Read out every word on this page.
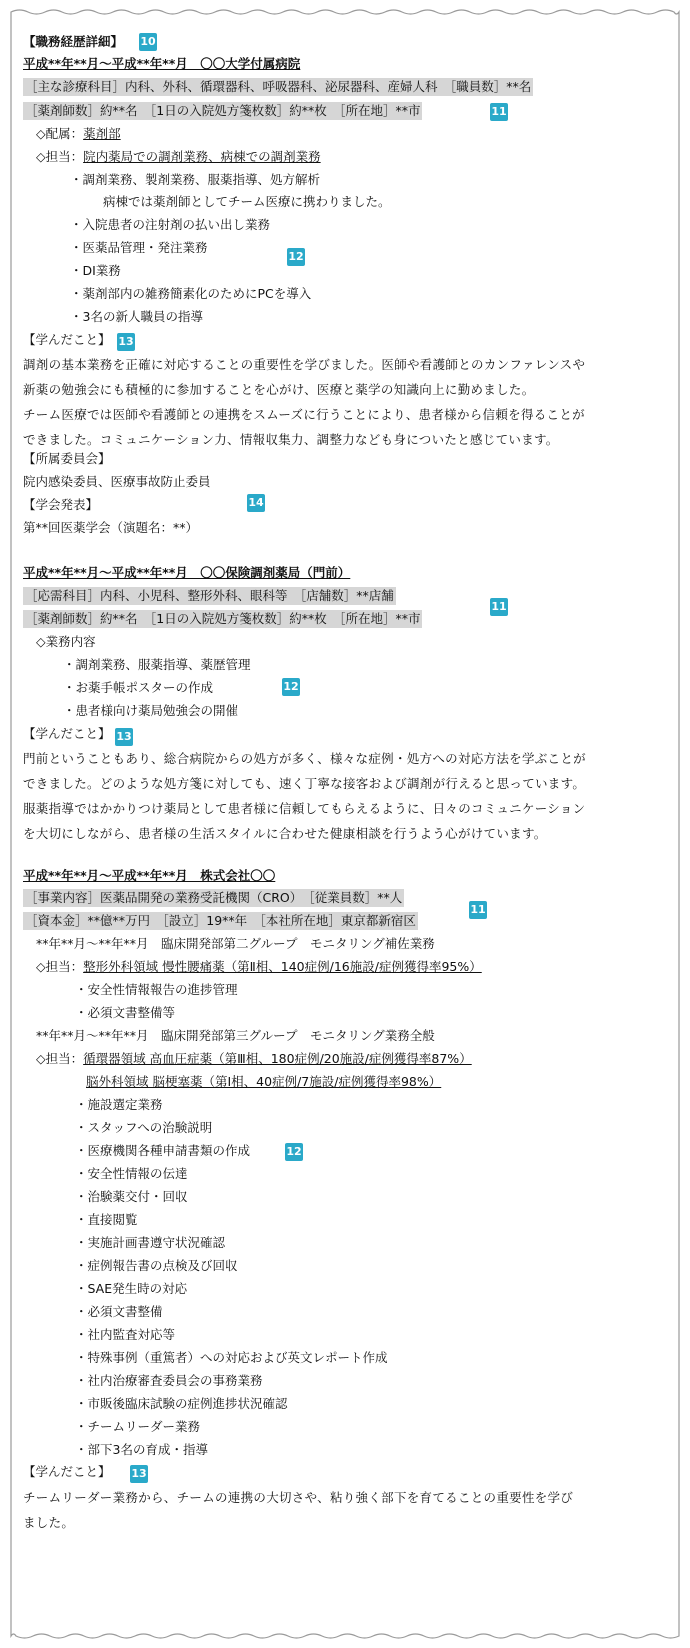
【職務経歴詳細】 10
平成**年**月～平成**年**月　〇〇大学付属病院
［主な診療科目］内科、外科、循環器科、呼吸器科、泌尿器科、産婦人科　［職員数］**名
［薬剤師数］約**名　［1日の入院処方箋枚数］約**枚　［所在地］**市	11
◇配属：薬剤部
◇担当：院内薬局での調剤業務、病棟での調剤業務
・調剤業務、製剤業務、服薬指導、処方解析
病棟では薬剤師としてチーム医療に携わりました。
・入院患者の注射剤の払い出し業務
・医薬品管理・発注業務
12
・DI業務
・薬剤部内の雑務簡素化のためにPCを導入
・3名の新人職員の指導
【学んだこと】 13
調剤の基本業務を正確に対応することの重要性を学びました。医師や看護師とのカンファレンスや
新薬の勉強会にも積極的に参加することを心がけ、医療と薬学の知識向上に勤めました。
チーム医療では医師や看護師との連携をスムーズに行うことにより、患者様から信頼を得ることが
できました。コミュニケーション力、情報収集力、調整力なども身についたと感じています。
【所属委員会】
院内感染委員、医療事故防止委員
【学会発表】	14
第**回医薬学会（演題名：**）
平成**年**月～平成**年**月　〇〇保険調剤薬局（門前）
［応需科目］内科、小児科、整形外科、眼科等　［店舗数］**店舗
［薬剤師数］約**名　［1日の入院処方箋枚数］約**枚　［所在地］**市
11
◇業務内容
・調剤業務、服薬指導、薬歴管理
・お薬手帳ポスターの作成	12
・患者様向け薬局勉強会の開催
【学んだこと】 13
門前ということもあり、総合病院からの処方が多く、様々な症例・処方への対応方法を学ぶことが
できました。どのような処方箋に対しても、速く丁寧な接客および調剤が行えると思っています。
服薬指導ではかかりつけ薬局として患者様に信頼してもらえるように、日々のコミュニケーション
を大切にしながら、患者様の生活スタイルに合わせた健康相談を行うよう心がけています。
平成**年**月～平成**年**月　株式会社〇〇
［事業内容］医薬品開発の業務受託機関（CRO）　［従業員数］**人
［資本金］**億**万円　［設立］19**年　［本社所在地］東京都新宿区
11
**年**月～**年**月　臨床開発部第二グループ　モニタリング補佐業務
◇担当：整形外科領域 慢性腰痛薬（第Ⅱ相、140症例/16施設/症例獲得率95%）
・安全性情報報告の進捗管理
・必須文書整備等
**年**月～**年**月　臨床開発部第三グループ　モニタリング業務全般
◇担当：循環器領域 高血圧症薬（第Ⅲ相、180症例/20施設/症例獲得率87%）
脳外科領域 脳梗塞薬（第Ⅰ相、40症例/7施設/症例獲得率98%）
・施設選定業務
・スタッフへの治験説明
・医療機関各種申請書類の作成
・安全性情報の伝達
・治験薬交付・回収
・直接閲覧
・実施計画書遵守状況確認
・症例報告書の点検及び回収
・SAE発生時の対応
・必須文書整備
・社内監査対応等
・特殊事例（重篤者）への対応および英文レポート作成
・社内治療審査委員会の事務業務
・市販後臨床試験の症例進捗状況確認
・チームリーダー業務
・部下3名の育成・指導
12
【学んだこと】 13
チームリーダー業務から、チームの連携の大切さや、粘り強く部下を育てることの重要性を学び
ました。
